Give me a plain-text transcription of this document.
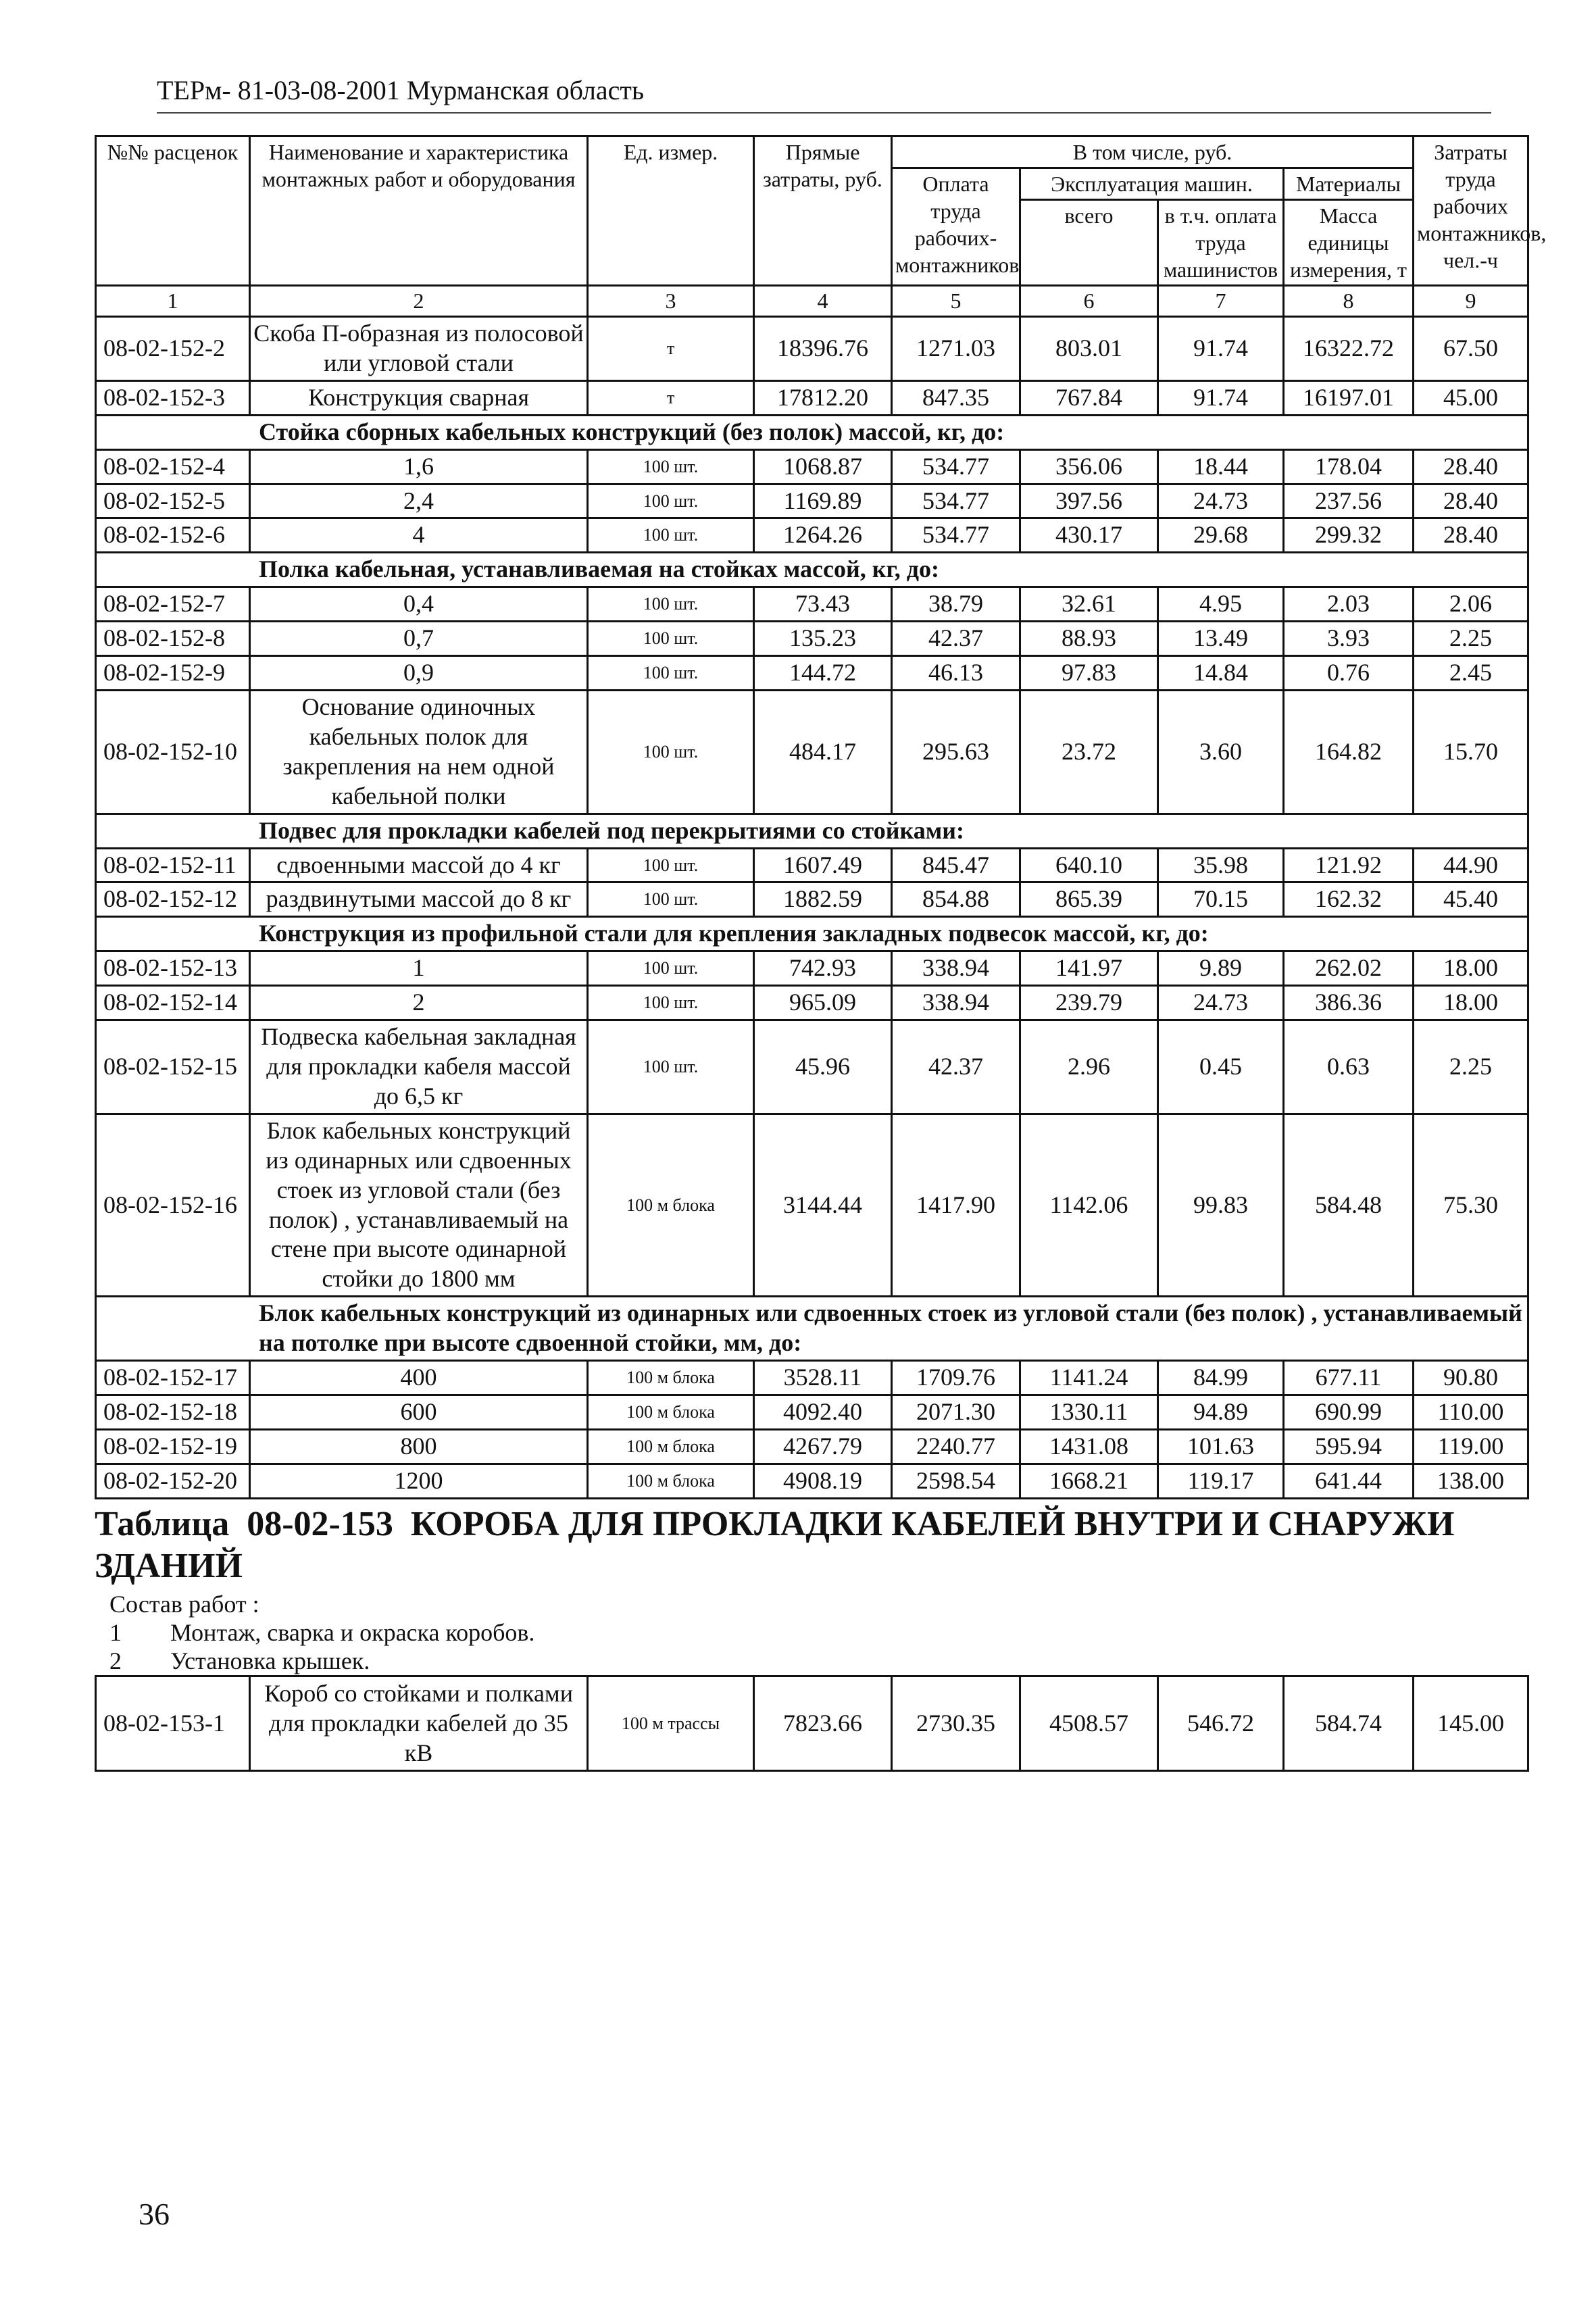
ТЕРм- 81-03-08-2001 Мурманская область
№№ расценок	Наименование и характеристика монтажных работ и оборудования	Ед. измер.	Прямые затраты, руб.	В том числе, руб.				Затраты труда рабочих монтажников, чел.-ч
				Оплата труда рабочих-монтажников	Эксплуатация машин.		Материалы	
					всего	в т.ч. оплата труда машинистов	Масса единицы измерения, т	
1	2	3	4	5	6	7	8	9
08-02-152-2	Скоба П-образная из полосовой или угловой стали	т	18396.76	1271.03	803.01	91.74	16322.72	67.50
08-02-152-3	Конструкция сварная	т	17812.20	847.35	767.84	91.74	16197.01	45.00
Стойка сборных кабельных конструкций (без полок) массой, кг, до:								
08-02-152-4	1,6	100 шт.	1068.87	534.77	356.06	18.44	178.04	28.40
08-02-152-5	2,4	100 шт.	1169.89	534.77	397.56	24.73	237.56	28.40
08-02-152-6	4	100 шт.	1264.26	534.77	430.17	29.68	299.32	28.40
Полка кабельная, устанавливаемая на стойках массой, кг, до:								
08-02-152-7	0,4	100 шт.	73.43	38.79	32.61	4.95	2.03	2.06
08-02-152-8	0,7	100 шт.	135.23	42.37	88.93	13.49	3.93	2.25
08-02-152-9	0,9	100 шт.	144.72	46.13	97.83	14.84	0.76	2.45
08-02-152-10	Основание одиночных кабельных полок для закрепления на нем одной кабельной полки	100 шт.	484.17	295.63	23.72	3.60	164.82	15.70
Подвес для прокладки кабелей под перекрытиями со стойками:								
08-02-152-11	сдвоенными массой до 4 кг	100 шт.	1607.49	845.47	640.10	35.98	121.92	44.90
08-02-152-12	раздвинутыми массой до 8 кг	100 шт.	1882.59	854.88	865.39	70.15	162.32	45.40
Конструкция из профильной стали для крепления закладных подвесок массой, кг, до:								
08-02-152-13	1	100 шт.	742.93	338.94	141.97	9.89	262.02	18.00
08-02-152-14	2	100 шт.	965.09	338.94	239.79	24.73	386.36	18.00
08-02-152-15	Подвеска кабельная закладная для прокладки кабеля массой до 6,5 кг	100 шт.	45.96	42.37	2.96	0.45	0.63	2.25
08-02-152-16	Блок кабельных конструкций из одинарных или сдвоенных стоек из угловой стали (без полок) , устанавливаемый на стене при высоте одинарной стойки до 1800 мм	100 м блока	3144.44	1417.90	1142.06	99.83	584.48	75.30
Блок кабельных конструкций из одинарных или сдвоенных стоек из угловой стали (без полок) , устанавливаемый на потолке при высоте сдвоенной стойки, мм, до:								
08-02-152-17	400	100 м блока	3528.11	1709.76	1141.24	84.99	677.11	90.80
08-02-152-18	600	100 м блока	4092.40	2071.30	1330.11	94.89	690.99	110.00
08-02-152-19	800	100 м блока	4267.79	2240.77	1431.08	101.63	595.94	119.00
08-02-152-20	1200	100 м блока	4908.19	2598.54	1668.21	119.17	641.44	138.00
Таблица 08-02-153 КОРОБА ДЛЯ ПРОКЛАДКИ КАБЕЛЕЙ ВНУТРИ И СНАРУЖИ ЗДАНИЙ
Состав работ :
1 Монтаж, сварка и окраска коробов.
2 Установка крышек.
08-02-153-1	Короб со стойками и полками для прокладки кабелей до 35 кВ	100 м трассы	7823.66	2730.35	4508.57	546.72	584.74	145.00
36
